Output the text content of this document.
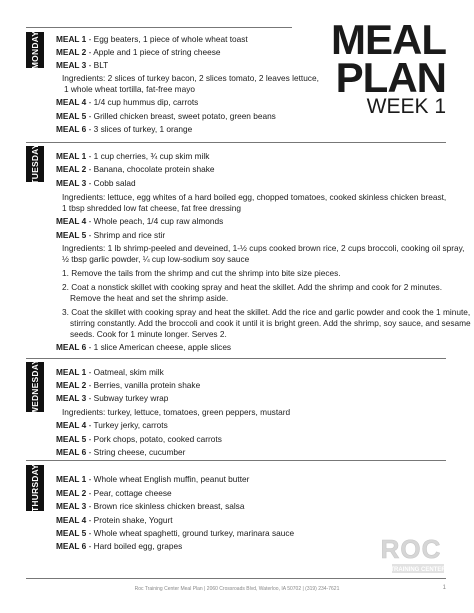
MEAL
PLAN
WEEK 1
MONDAY
TUESDAY
WEDNESDAY
THURSDAY
MEAL 1 - Egg beaters, 1 piece of whole wheat toast
MEAL 2 - Apple and 1 piece of string cheese
MEAL 3 - BLT
Ingredients: 2 slices of turkey bacon, 2 slices tomato, 2 leaves lettuce,
1 whole wheat tortilla, fat-free mayo
MEAL 4 - 1/4 cup hummus dip, carrots
MEAL 5 - Grilled chicken breast, sweet potato, green beans
MEAL 6 - 3 slices of turkey, 1 orange
MEAL 1 - 1 cup cherries, ¾ cup skim milk
MEAL 2 - Banana, chocolate protein shake
MEAL 3 - Cobb salad
Ingredients: lettuce, egg whites of a hard boiled egg, chopped tomatoes, cooked skinless chicken breast,
1 tbsp shredded low fat cheese, fat free dressing
MEAL 4 - Whole peach, 1/4 cup raw almonds
MEAL 5 - Shrimp and rice stir
Ingredients: 1 lb shrimp-peeled and deveined, 1-½ cups cooked brown rice, 2 cups broccoli, cooking oil spray,
½ tbsp garlic powder, ¼ cup low-sodium soy sauce
1. Remove the tails from the shrimp and cut the shrimp into bite size pieces.
2. Coat a nonstick skillet with cooking spray and heat the skillet. Add the shrimp and cook for 2 minutes.
Remove the heat and set the shrimp aside.
3. Coat the skillet with cooking spray and heat the skillet. Add the rice and garlic powder and cook the 1 minute,
stirring constantly. Add the broccoli and cook it until it is bright green. Add the shrimp, soy sauce, and sesame
seeds. Cook for 1 minute longer. Serves 2.
MEAL 6 - 1 slice American cheese, apple slices
MEAL 1 - Oatmeal, skim milk
MEAL 2 - Berries, vanilla protein shake
MEAL 3 - Subway turkey wrap
Ingredients: turkey, lettuce, tomatoes, green peppers, mustard
MEAL 4 - Turkey jerky, carrots
MEAL 5 - Pork chops, potato, cooked carrots
MEAL 6 - String cheese, cucumber
MEAL 1 - Whole wheat English muffin, peanut butter
MEAL 2 - Pear, cottage cheese
MEAL 3 - Brown rice skinless chicken breast, salsa
MEAL 4 - Protein shake, Yogurt
MEAL 5 - Whole wheat spaghetti, ground turkey, marinara sauce
MEAL 6 - Hard boiled egg, grapes	ROC
TRAINING CENTER
Roc Training Center Meal Plan | 2060 Crossroads Blvd, Waterloo, IA 50702 | (319) 234-7621	1
